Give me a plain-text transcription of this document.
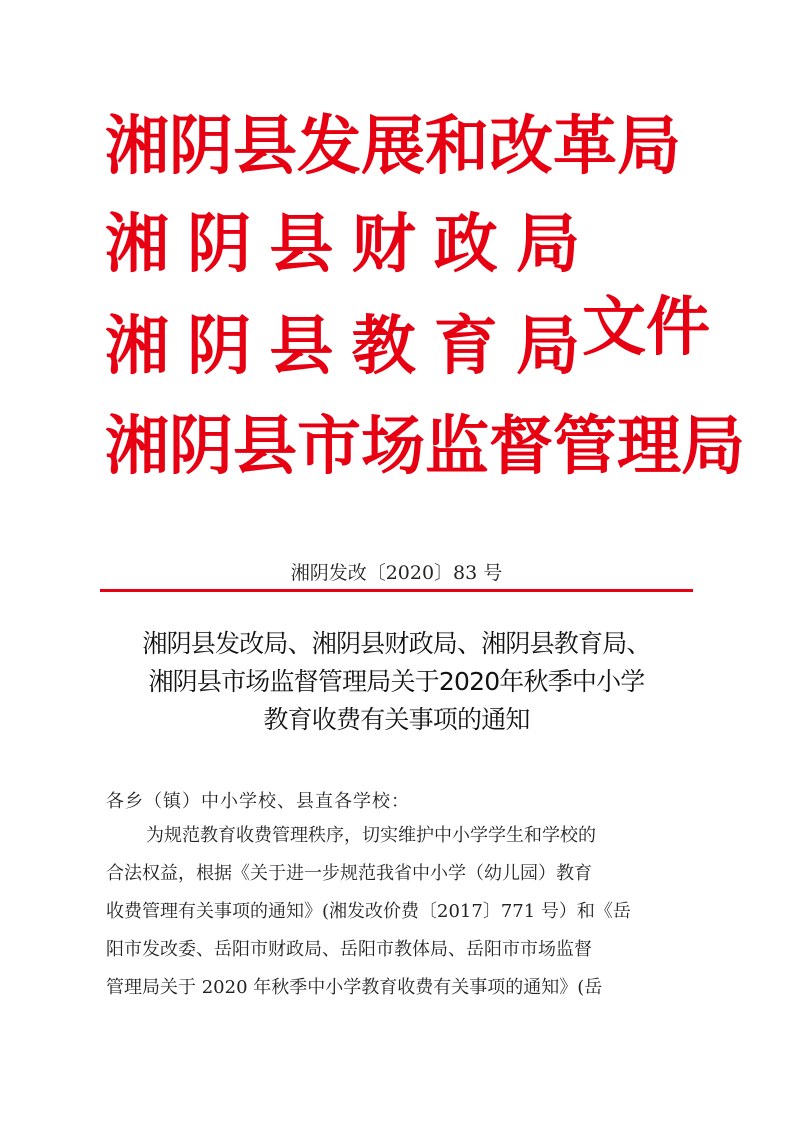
湘阴县发展和改革局
湘 阴 县 财 政 局
湘 阴 县 教 育 局
湘阴县市场监督管理局
文件
湘阴发改〔2020〕83 号
湘阴县发改局、湘阴县财政局、湘阴县教育局、
湘阴县市场监督管理局关于2020年秋季中小学
教育收费有关事项的通知
各乡（镇）中小学校、县直各学校：
为规范教育收费管理秩序，切实维护中小学学生和学校的
合法权益，根据《关于进一步规范我省中小学（幼儿园）教育
收费管理有关事项的通知》(湘发改价费〔2017〕771 号）和《岳
阳市发改委、岳阳市财政局、岳阳市教体局、岳阳市市场监督
管理局关于 2020 年秋季中小学教育收费有关事项的通知》(岳
